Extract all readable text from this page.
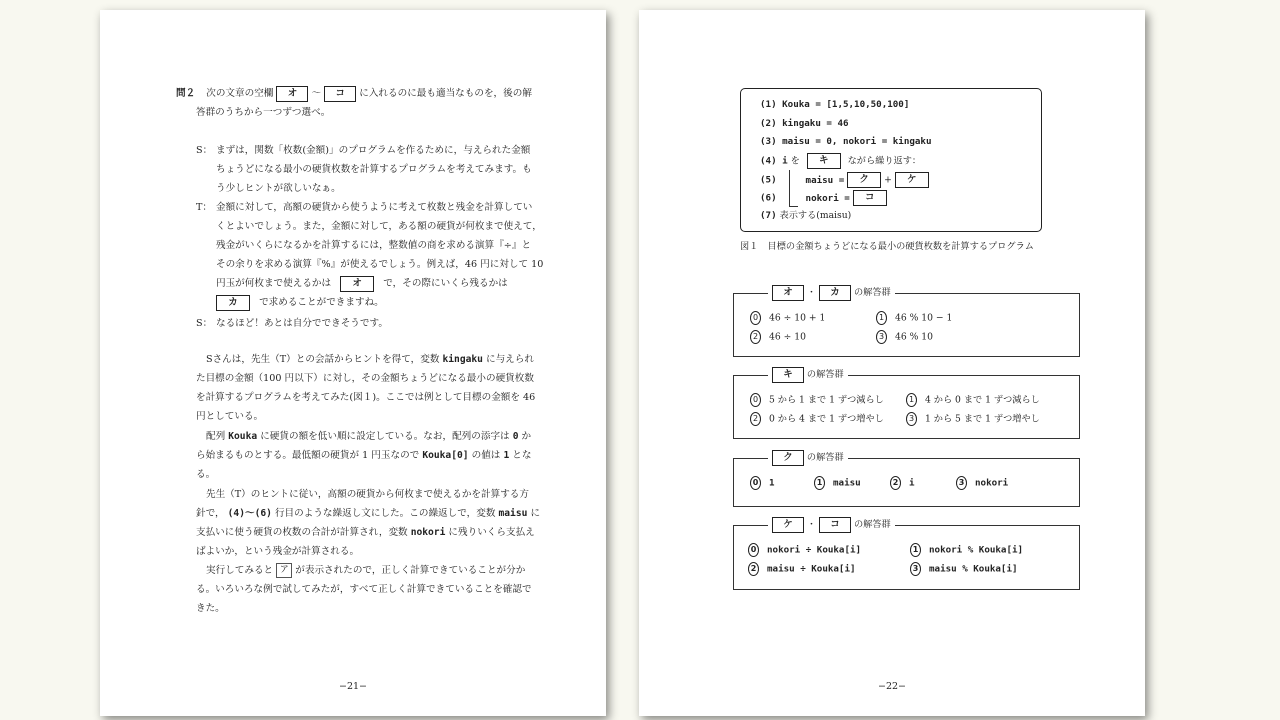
問２ 次の文章の空欄 オ ～ コ に入れるのに最も適当なものを，後の解
答群のうちから一つずつ選べ。
S： まずは，関数「枚数(金額)」のプログラムを作るために，与えられた金額
ちょうどになる最小の硬貨枚数を計算するプログラムを考えてみます。も
う少しヒントが欲しいなぁ。
T： 金額に対して，高額の硬貨から使うように考えて枚数と残金を計算してい
くとよいでしょう。また，金額に対して，ある額の硬貨が何枚まで使えて，
残金がいくらになるかを計算するには，整数値の商を求める演算『÷』と
その余りを求める演算『%』が使えるでしょう。例えば，46 円に対して 10
円玉が何枚まで使えるかは オ で，その際にいくら残るかは
カ で求めることができますね。
S： なるほど！あとは自分でできそうです。
Sさんは，先生（T）との会話からヒントを得て，変数 kingaku に与えられ
た目標の金額（100 円以下）に対し，その金額ちょうどになる最小の硬貨枚数
を計算するプログラムを考えてみた(図１)。ここでは例として目標の金額を 46
円としている。
配列 Kouka に硬貨の額を低い順に設定している。なお，配列の添字は 0 か
ら始まるものとする。最低額の硬貨が 1 円玉なので Kouka[0] の値は 1 とな
る。
先生（T）のヒントに従い，高額の硬貨から何枚まで使えるかを計算する方
針で， (4)～(6) 行目のような繰返し文にした。この繰返しで，変数 maisu に
支払いに使う硬貨の枚数の合計が計算され，変数 nokori に残りいくら支払え
ばよいか，という残金が計算される。
実行してみると ア が表示されたので，正しく計算できていることが分か
る。いろいろな例で試してみたが，すべて正しく計算できていることを確認で
きた。
−21−
(1) Kouka = [1,5,10,50,100]
(2) kingaku = 46
(3) maisu = 0, nokori = kingaku
(4) i を キ ながら繰り返す：
(5)	maisu = ク + ケ
(6)	nokori = コ
(7) 表示する(maisu)
図１　目標の金額ちょうどになる最小の硬貨枚数を計算するプログラム
オ ・ カ の解答群
0 46 ÷ 10 + 1	1 46 % 10 − 1
2 46 ÷ 10	3 46 % 10
キ の解答群
0 5 から 1 まで 1 ずつ減らし	1 4 から 0 まで 1 ずつ減らし
2 0 から 4 まで 1 ずつ増やし	3 1 から 5 まで 1 ずつ増やし
ク の解答群
0 1	1 maisu	2 i	3 nokori
ケ ・ コ の解答群
0 nokori ÷ Kouka[i]	1 nokori % Kouka[i]
2 maisu ÷ Kouka[i]	3 maisu % Kouka[i]
−22−
